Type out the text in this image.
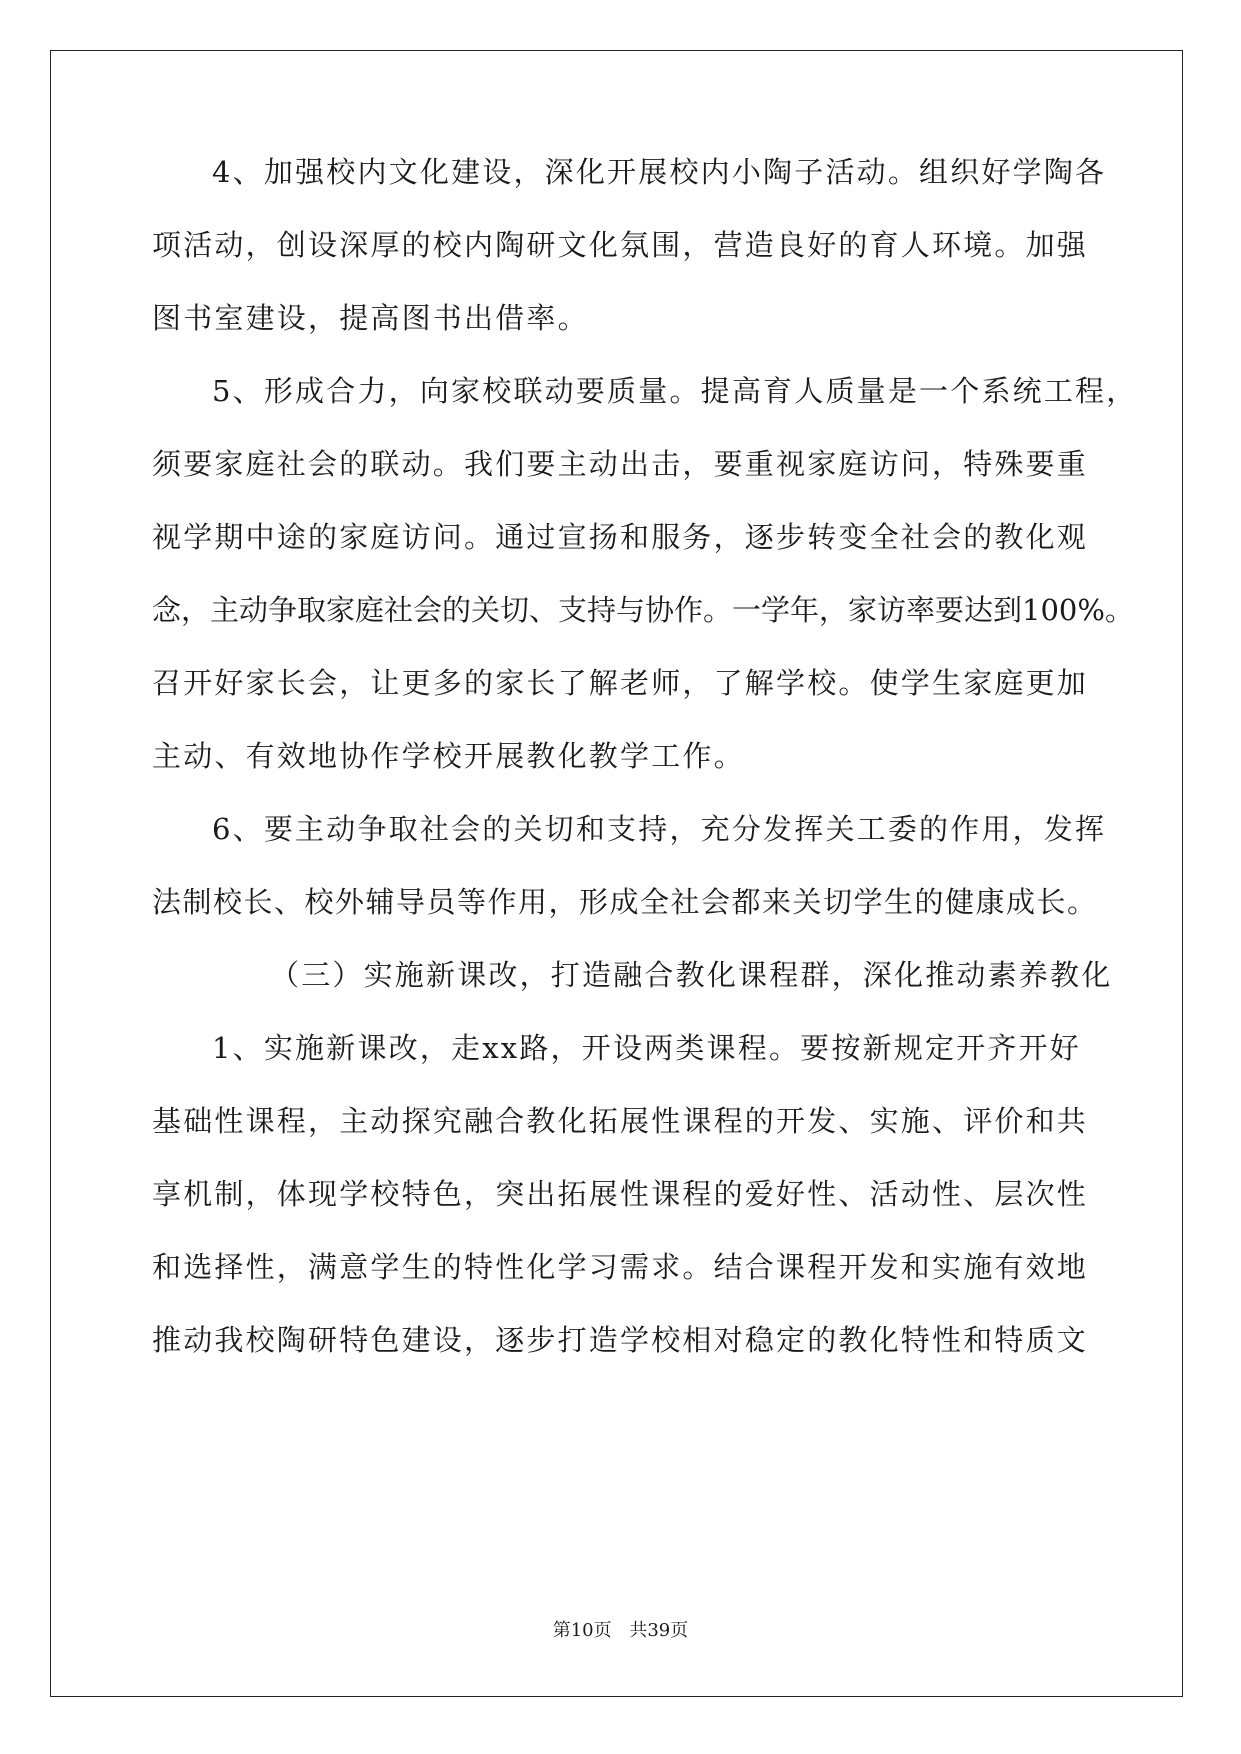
4、加强校内文化建设，深化开展校内小陶子活动。组织好学陶各
项活动，创设深厚的校内陶研文化氛围，营造良好的育人环境。加强
图书室建设，提高图书出借率。
5、形成合力，向家校联动要质量。提高育人质量是一个系统工程，
须要家庭社会的联动。我们要主动出击，要重视家庭访问，特殊要重
视学期中途的家庭访问。通过宣扬和服务，逐步转变全社会的教化观
念，主动争取家庭社会的关切、支持与协作。一学年，家访率要达到100%。
召开好家长会，让更多的家长了解老师，了解学校。使学生家庭更加
主动、有效地协作学校开展教化教学工作。
6、要主动争取社会的关切和支持，充分发挥关工委的作用，发挥
法制校长、校外辅导员等作用，形成全社会都来关切学生的健康成长。
（三）实施新课改，打造融合教化课程群，深化推动素养教化
1、实施新课改，走xx路，开设两类课程。要按新规定开齐开好
基础性课程，主动探究融合教化拓展性课程的开发、实施、评价和共
享机制，体现学校特色，突出拓展性课程的爱好性、活动性、层次性
和选择性，满意学生的特性化学习需求。结合课程开发和实施有效地
推动我校陶研特色建设，逐步打造学校相对稳定的教化特性和特质文
第10页 共39页
